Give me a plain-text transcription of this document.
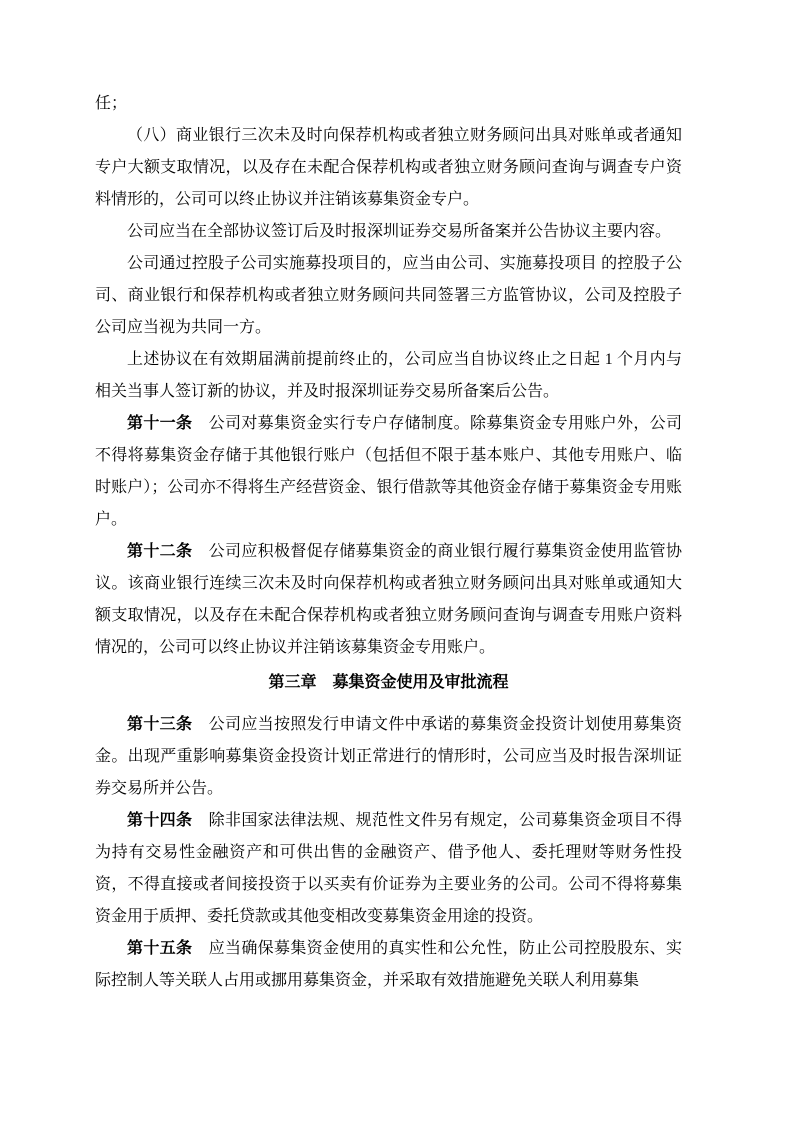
任；

（八）商业银行三次未及时向保荐机构或者独立财务顾问出具对账单或者通知专户大额支取情况，以及存在未配合保荐机构或者独立财务顾问查询与调查专户资料情形的，公司可以终止协议并注销该募集资金专户。

公司应当在全部协议签订后及时报深圳证券交易所备案并公告协议主要内容。

公司通过控股子公司实施募投项目的，应当由公司、实施募投项目 的控股子公司、商业银行和保荐机构或者独立财务顾问共同签署三方监管协议，公司及控股子公司应当视为共同一方。

上述协议在有效期届满前提前终止的，公司应当自协议终止之日起 1 个月内与相关当事人签订新的协议，并及时报深圳证券交易所备案后公告。

第十一条　公司对募集资金实行专户存储制度。除募集资金专用账户外，公司不得将募集资金存储于其他银行账户（包括但不限于基本账户、其他专用账户、临时账户）；公司亦不得将生产经营资金、银行借款等其他资金存储于募集资金专用账户。

第十二条　公司应积极督促存储募集资金的商业银行履行募集资金使用监管协议。该商业银行连续三次未及时向保荐机构或者独立财务顾问出具对账单或通知大额支取情况，以及存在未配合保荐机构或者独立财务顾问查询与调查专用账户资料情况的，公司可以终止协议并注销该募集资金专用账户。

第三章　募集资金使用及审批流程

第十三条　公司应当按照发行申请文件中承诺的募集资金投资计划使用募集资金。出现严重影响募集资金投资计划正常进行的情形时，公司应当及时报告深圳证券交易所并公告。

第十四条　除非国家法律法规、规范性文件另有规定，公司募集资金项目不得为持有交易性金融资产和可供出售的金融资产、借予他人、委托理财等财务性投资，不得直接或者间接投资于以买卖有价证券为主要业务的公司。公司不得将募集资金用于质押、委托贷款或其他变相改变募集资金用途的投资。

第十五条　应当确保募集资金使用的真实性和公允性，防止公司控股股东、实际控制人等关联人占用或挪用募集资金，并采取有效措施避免关联人利用募集
